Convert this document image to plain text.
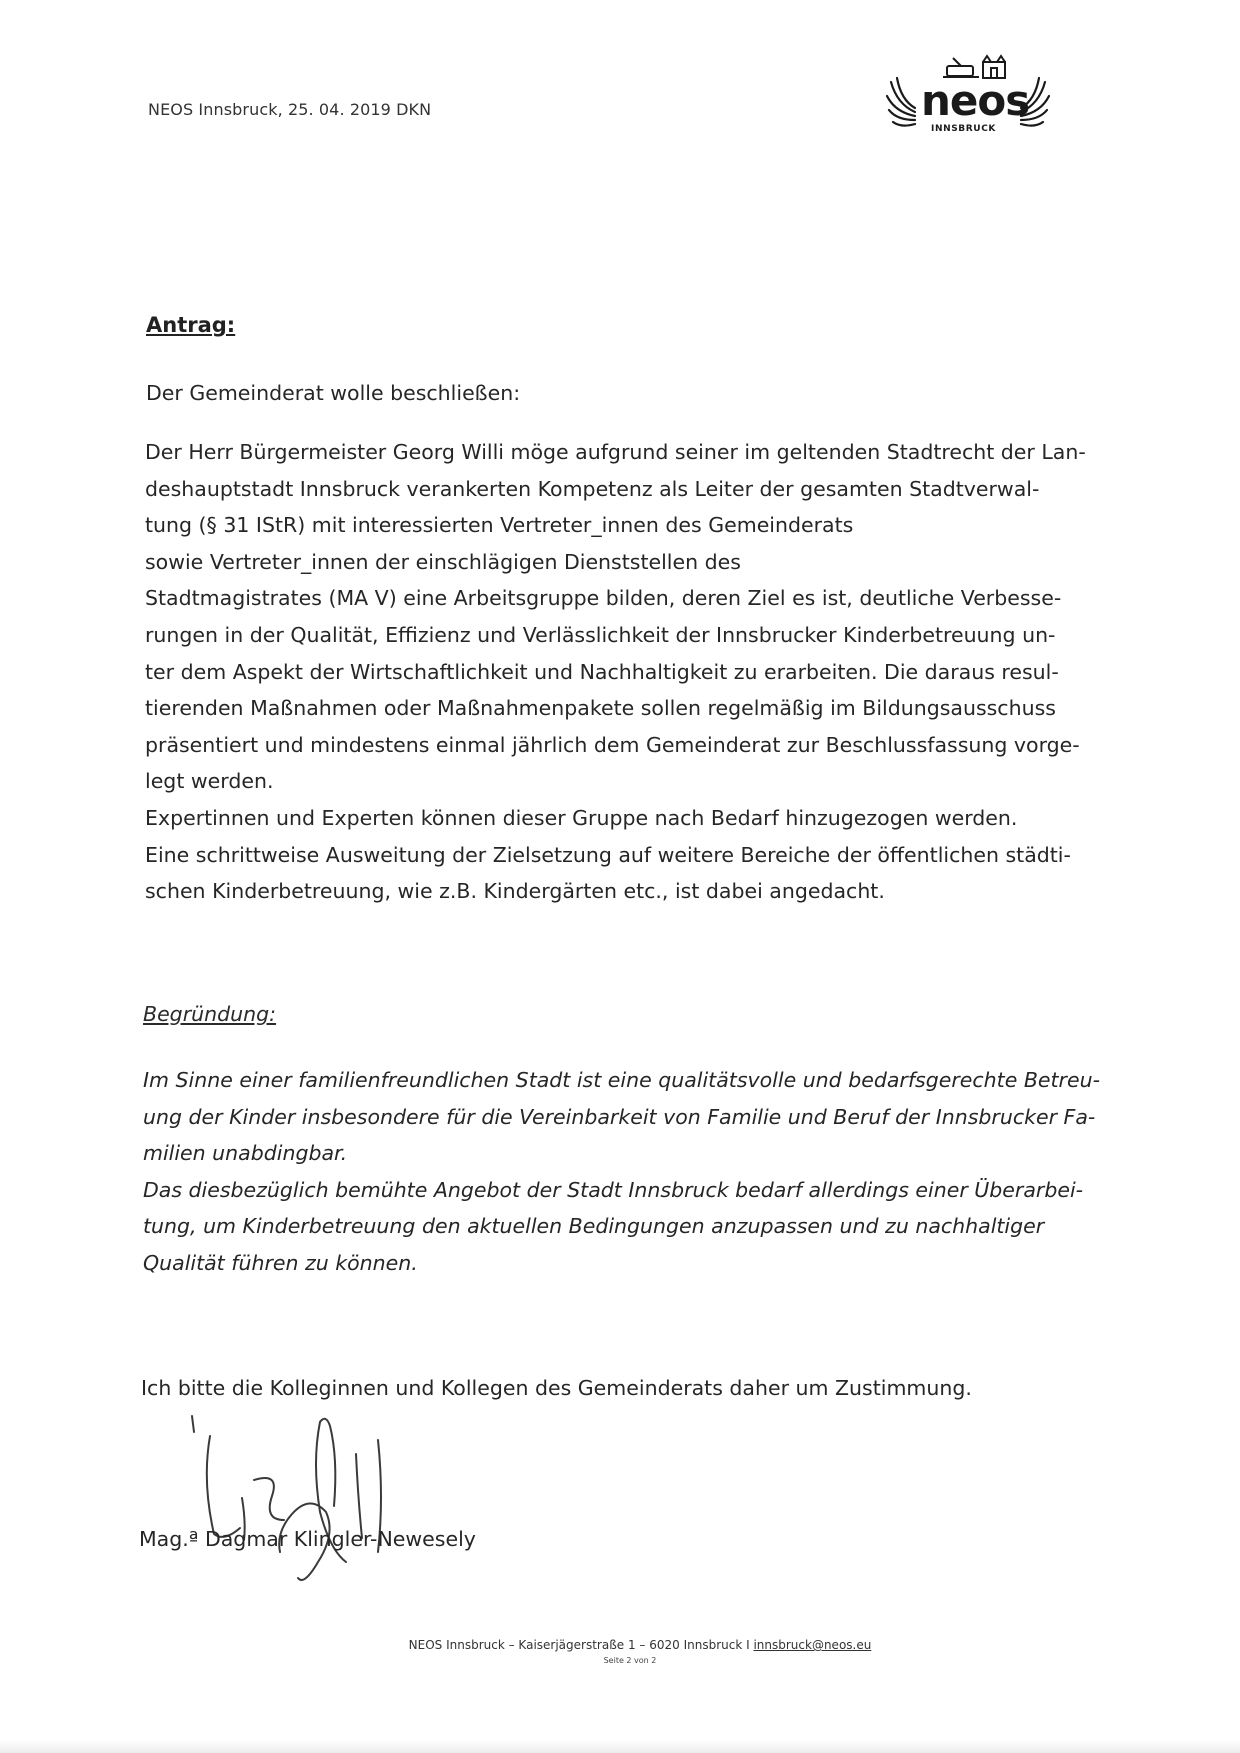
NEOS Innsbruck, 25. 04. 2019 DKN	neos
INNSBRUCK
Antrag:
Der Gemeinderat wolle beschließen:

Der Herr Bürgermeister Georg Willi möge aufgrund seiner im geltenden Stadtrecht der Lan-

deshauptstadt Innsbruck verankerten Kompetenz als Leiter der gesamten Stadtverwal-

tung (§ 31 IStR) mit interessierten Vertreter_innen des Gemeinderats

sowie Vertreter_innen der einschlägigen Dienststellen des

Stadtmagistrates (MA V) eine Arbeitsgruppe bilden, deren Ziel es ist, deutliche Verbesse-

rungen in der Qualität, Effizienz und Verlässlichkeit der Innsbrucker Kinderbetreuung un-

ter dem Aspekt der Wirtschaftlichkeit und Nachhaltigkeit zu erarbeiten. Die daraus resul-

tierenden Maßnahmen oder Maßnahmenpakete sollen regelmäßig im Bildungsausschuss

präsentiert und mindestens einmal jährlich dem Gemeinderat zur Beschlussfassung vorge-

legt werden.

Expertinnen und Experten können dieser Gruppe nach Bedarf hinzugezogen werden.

Eine schrittweise Ausweitung der Zielsetzung auf weitere Bereiche der öffentlichen städti-

schen Kinderbetreuung, wie z.B. Kindergärten etc., ist dabei angedacht.

Begründung:

Im Sinne einer familienfreundlichen Stadt ist eine qualitätsvolle und bedarfsgerechte Betreu-

ung der Kinder insbesondere für die Vereinbarkeit von Familie und Beruf der Innsbrucker Fa-

milien unabdingbar.

Das diesbezüglich bemühte Angebot der Stadt Innsbruck bedarf allerdings einer Überarbei-

tung, um Kinderbetreuung den aktuellen Bedingungen anzupassen und zu nachhaltiger

Qualität führen zu können.

Ich bitte die Kolleginnen und Kollegen des Gemeinderats daher um Zustimmung.
Mag.ª Dagmar Klingler-Newesely
NEOS Innsbruck – Kaiserjägerstraße 1 – 6020 Innsbruck I innsbruck@neos.eu
Seite 2 von 2
